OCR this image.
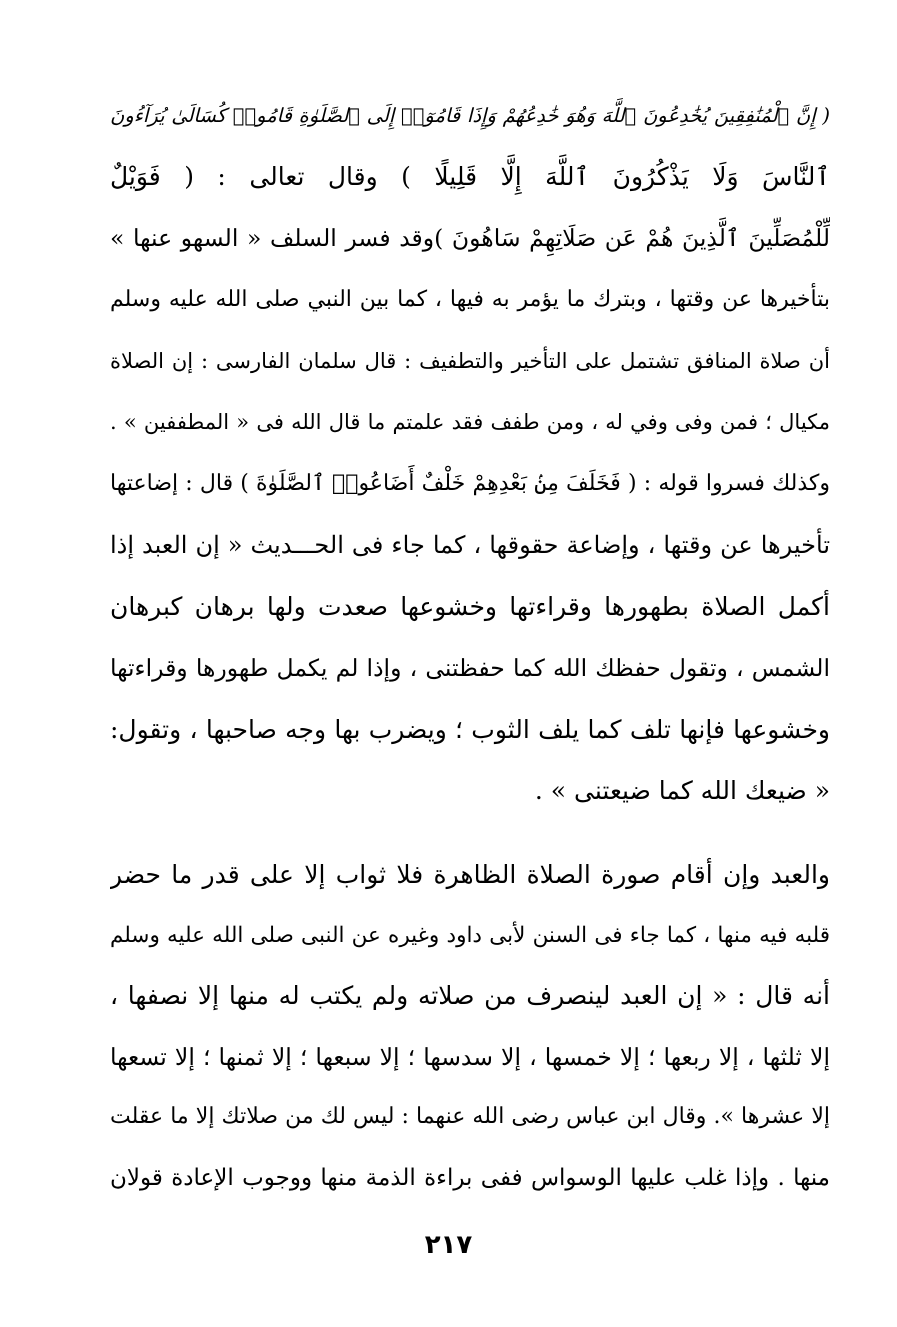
( إِنَّ ٱلْمُنَٰفِقِينَ يُخَٰدِعُونَ ٱللَّهَ وَهُوَ خَٰدِعُهُمْ وَإِذَا قَامُوٓا۟ إِلَى ٱلصَّلَوٰةِ قَامُوا۟ كُسَالَىٰ يُرَآءُونَ
ٱلنَّاسَ وَلَا يَذْكُرُونَ ٱللَّهَ إِلَّا قَلِيلًا ) وقال تعالى : ( فَوَيْلٌ
لِّلْمُصَلِّينَ ٱلَّذِينَ هُمْ عَن صَلَاتِهِمْ سَاهُونَ )وقد فسر السلف « السهو عنها »
بتأخيرها عن وقتها ، وبترك ما يؤمر به فيها ، كما بين النبي صلى الله عليه وسلم
أن صلاة المنافق تشتمل على التأخير والتطفيف : قال سلمان الفارسى : إن الصلاة
مكيال ؛ فمن وفى وفي له ، ومن طفف فقد علمتم ما قال الله فى « المطففين » .
وكذلك فسروا قوله : ( فَخَلَفَ مِنۢ بَعْدِهِمْ خَلْفٌ أَضَاعُوا۟ ٱلصَّلَوٰةَ ) قال : إضاعتها
تأخيرها عن وقتها ، وإضاعة حقوقها ، كما جاء فى الحـــديث « إن العبد إذا
أكمل الصلاة بطهورها وقراءتها وخشوعها صعدت ولها برهان كبرهان
الشمس ، وتقول حفظك الله كما حفظتنى ، وإذا لم يكمل طهورها وقراءتها
وخشوعها فإنها تلف كما يلف الثوب ؛ ويضرب بها وجه صاحبها ، وتقول:
« ضيعك الله كما ضيعتنى » .
والعبد وإن أقام صورة الصلاة الظاهرة فلا ثواب إلا على قدر ما حضر
قلبه فيه منها ، كما جاء فى السنن لأبى داود وغيره عن النبى صلى الله عليه وسلم
أنه قال : « إن العبد لينصرف من صلاته ولم يكتب له منها إلا نصفها ،
إلا ثلثها ، إلا ربعها ؛ إلا خمسها ، إلا سدسها ؛ إلا سبعها ؛ إلا ثمنها ؛ إلا تسعها
إلا عشرها ». وقال ابن عباس رضى الله عنهما : ليس لك من صلاتك إلا ما عقلت
منها . وإذا غلب عليها الوسواس ففى براءة الذمة منها ووجوب الإعادة قولان
٢١٧
